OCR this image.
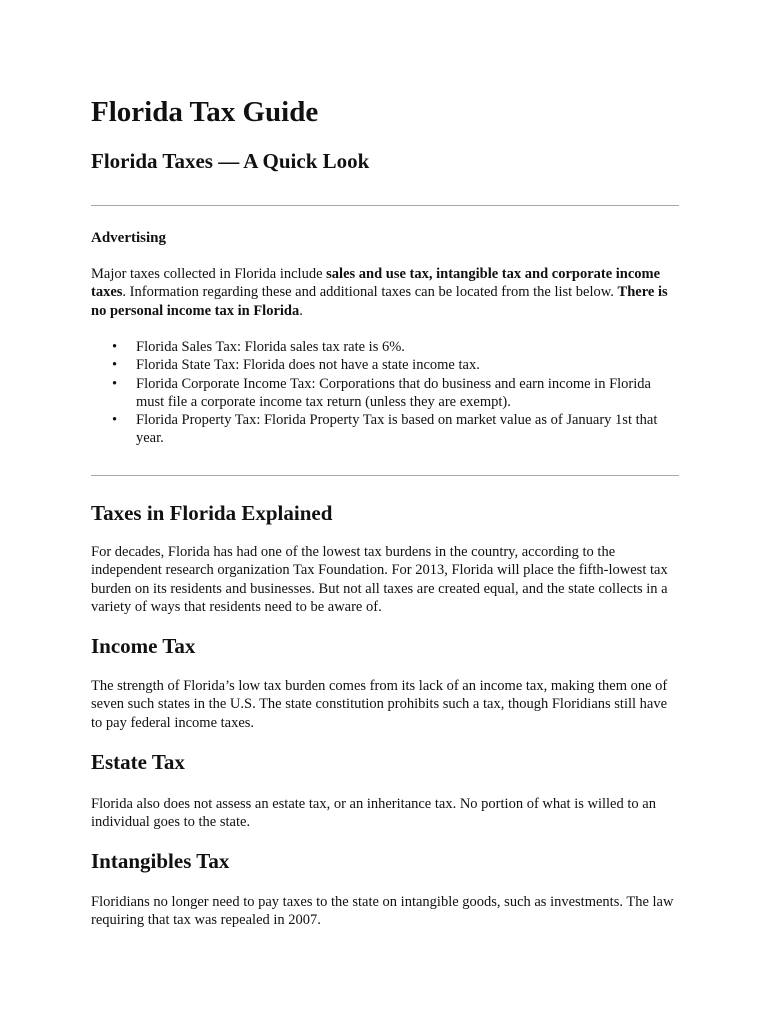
Florida Tax Guide
Florida Taxes — A Quick Look
Advertising

Major taxes collected in Florida include sales and use tax, intangible tax and corporate income taxes. Information regarding these and additional taxes can be located from the list below. There is no personal income tax in Florida.

• Florida Sales Tax: Florida sales tax rate is 6%.
• Florida State Tax: Florida does not have a state income tax.
• Florida Corporate Income Tax: Corporations that do business and earn income in Florida must file a corporate income tax return (unless they are exempt).
• Florida Property Tax: Florida Property Tax is based on market value as of January 1st that year.
Taxes in Florida Explained

For decades, Florida has had one of the lowest tax burdens in the country, according to the independent research organization Tax Foundation. For 2013, Florida will place the fifth-lowest tax burden on its residents and businesses. But not all taxes are created equal, and the state collects in a variety of ways that residents need to be aware of.

Income Tax

The strength of Florida’s low tax burden comes from its lack of an income tax, making them one of seven such states in the U.S. The state constitution prohibits such a tax, though Floridians still have to pay federal income taxes.

Estate Tax

Florida also does not assess an estate tax, or an inheritance tax. No portion of what is willed to an individual goes to the state.

Intangibles Tax

Floridians no longer need to pay taxes to the state on intangible goods, such as investments. The law requiring that tax was repealed in 2007.
